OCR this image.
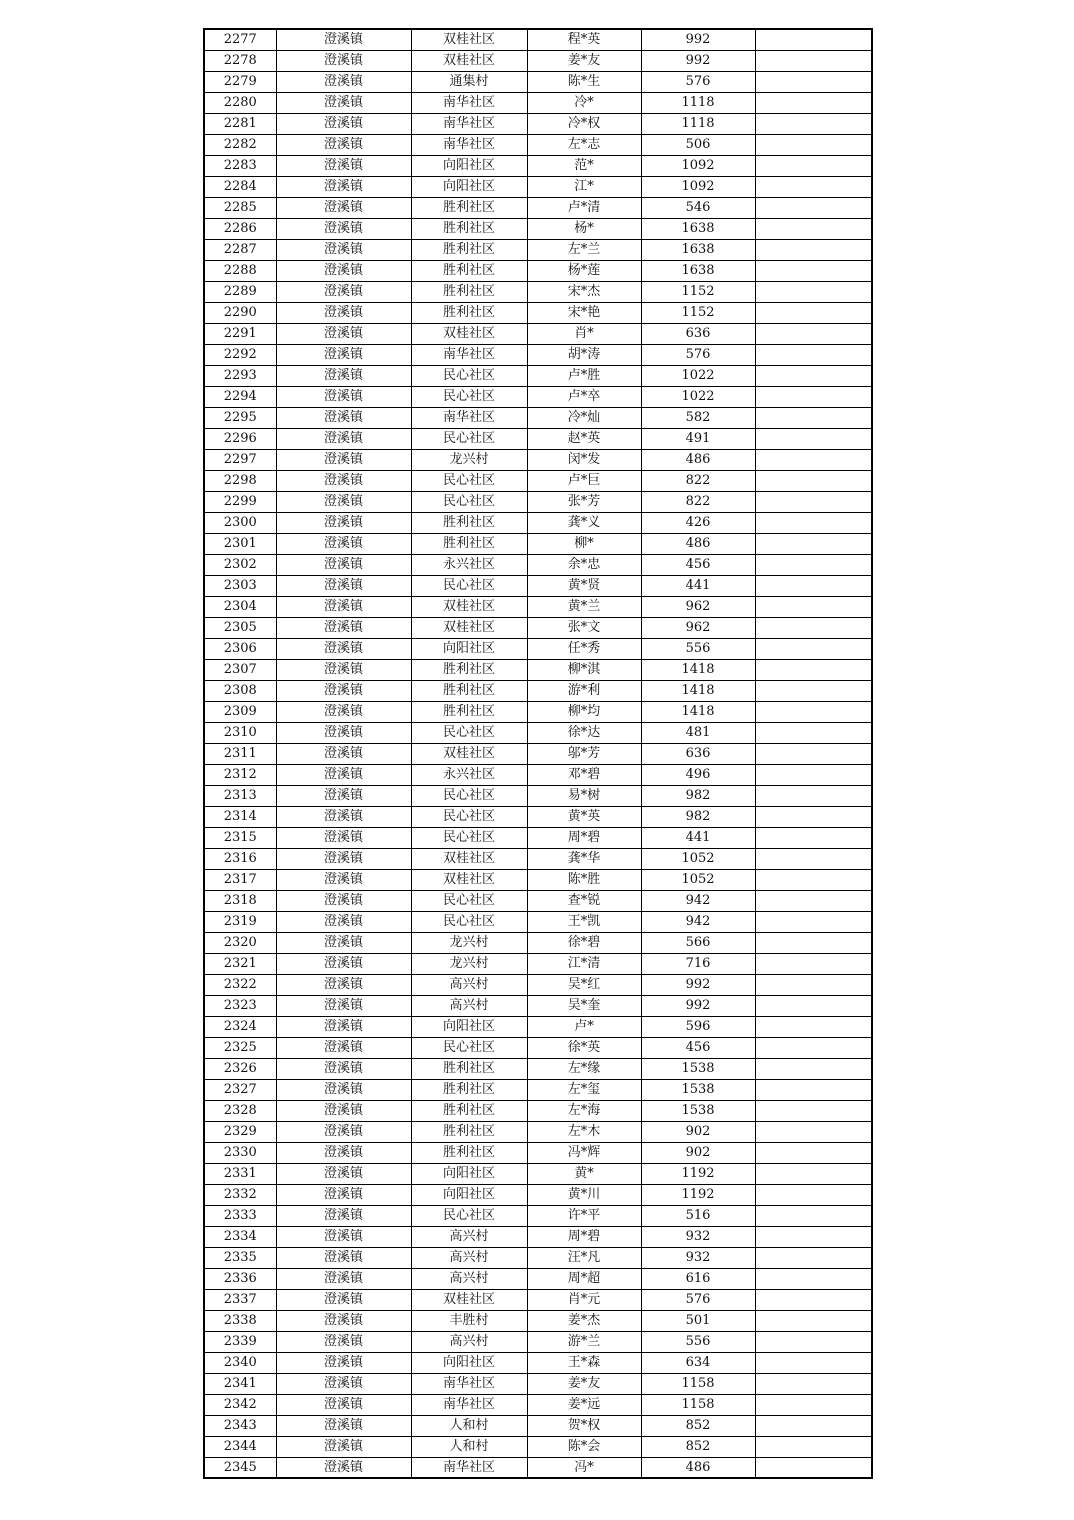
2277	澄溪镇	双桂社区	程*英	992	
2278	澄溪镇	双桂社区	姜*友	992	
2279	澄溪镇	通集村	陈*生	576	
2280	澄溪镇	南华社区	冷*	1118	
2281	澄溪镇	南华社区	冷*权	1118	
2282	澄溪镇	南华社区	左*志	506	
2283	澄溪镇	向阳社区	范*	1092	
2284	澄溪镇	向阳社区	江*	1092	
2285	澄溪镇	胜利社区	卢*清	546	
2286	澄溪镇	胜利社区	杨*	1638	
2287	澄溪镇	胜利社区	左*兰	1638	
2288	澄溪镇	胜利社区	杨*莲	1638	
2289	澄溪镇	胜利社区	宋*杰	1152	
2290	澄溪镇	胜利社区	宋*艳	1152	
2291	澄溪镇	双桂社区	肖*	636	
2292	澄溪镇	南华社区	胡*涛	576	
2293	澄溪镇	民心社区	卢*胜	1022	
2294	澄溪镇	民心社区	卢*卒	1022	
2295	澄溪镇	南华社区	冷*灿	582	
2296	澄溪镇	民心社区	赵*英	491	
2297	澄溪镇	龙兴村	闵*发	486	
2298	澄溪镇	民心社区	卢*巨	822	
2299	澄溪镇	民心社区	张*芳	822	
2300	澄溪镇	胜利社区	龚*义	426	
2301	澄溪镇	胜利社区	柳*	486	
2302	澄溪镇	永兴社区	余*忠	456	
2303	澄溪镇	民心社区	黄*贤	441	
2304	澄溪镇	双桂社区	黄*兰	962	
2305	澄溪镇	双桂社区	张*文	962	
2306	澄溪镇	向阳社区	任*秀	556	
2307	澄溪镇	胜利社区	柳*淇	1418	
2308	澄溪镇	胜利社区	游*利	1418	
2309	澄溪镇	胜利社区	柳*均	1418	
2310	澄溪镇	民心社区	徐*达	481	
2311	澄溪镇	双桂社区	邬*芳	636	
2312	澄溪镇	永兴社区	邓*碧	496	
2313	澄溪镇	民心社区	易*树	982	
2314	澄溪镇	民心社区	黄*英	982	
2315	澄溪镇	民心社区	周*碧	441	
2316	澄溪镇	双桂社区	龚*华	1052	
2317	澄溪镇	双桂社区	陈*胜	1052	
2318	澄溪镇	民心社区	查*锐	942	
2319	澄溪镇	民心社区	王*凯	942	
2320	澄溪镇	龙兴村	徐*碧	566	
2321	澄溪镇	龙兴村	江*清	716	
2322	澄溪镇	高兴村	吴*红	992	
2323	澄溪镇	高兴村	吴*奎	992	
2324	澄溪镇	向阳社区	卢*	596	
2325	澄溪镇	民心社区	徐*英	456	
2326	澄溪镇	胜利社区	左*缘	1538	
2327	澄溪镇	胜利社区	左*玺	1538	
2328	澄溪镇	胜利社区	左*海	1538	
2329	澄溪镇	胜利社区	左*木	902	
2330	澄溪镇	胜利社区	冯*辉	902	
2331	澄溪镇	向阳社区	黄*	1192	
2332	澄溪镇	向阳社区	黄*川	1192	
2333	澄溪镇	民心社区	许*平	516	
2334	澄溪镇	高兴村	周*碧	932	
2335	澄溪镇	高兴村	汪*凡	932	
2336	澄溪镇	高兴村	周*超	616	
2337	澄溪镇	双桂社区	肖*元	576	
2338	澄溪镇	丰胜村	姜*杰	501	
2339	澄溪镇	高兴村	游*兰	556	
2340	澄溪镇	向阳社区	王*森	634	
2341	澄溪镇	南华社区	姜*友	1158	
2342	澄溪镇	南华社区	姜*远	1158	
2343	澄溪镇	人和村	贺*权	852	
2344	澄溪镇	人和村	陈*会	852	
2345	澄溪镇	南华社区	冯*	486	
